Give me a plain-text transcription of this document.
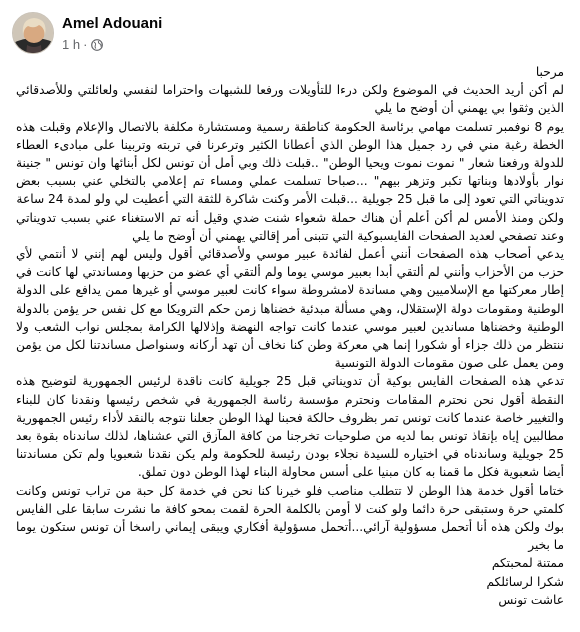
Amel Adouani
1 h ·

مرحبا

لم أكن أريد الحديث في الموضوع ولكن درءا للتأويلات ورفعا للشبهات واحتراما لنفسي ولعائلتي وللأصدقائي الذين وثقوا بي يهمني أن أوضح ما يلي

يوم 8 نوفمبر تسلمت مهامي برئاسة الحكومة كناطقة رسمية ومستشارة مكلفة بالاتصال والإعلام وقبلت هذه الخطة رغبة مني في رد جميل هذا الوطن الذي أعطانا الكثير وترعرنا في تربته وتربينا على مبادىء العطاء للدولة ورفعنا شعار " نموت نموت ويحيا الوطن" ..قبلت ذلك وبي أمل أن تونس لكل أبنائها وان تونس " جنينة نوار بأولادها وبناتها تكبر وتزهر بيهم" ...صباحا تسلمت عملي ومساء تم إعلامي بالتخلي عني بسبب بعض تدويناتي التي تعود إلى ما قبل 25 جويلية ...قبلت الأمر وكنت شاكرة للثقة التي أعطيت لي ولو لمدة 24 ساعة

ولكن ومنذ الأمس لم أكن أعلم أن هناك حملة شعواء شنت ضدي وقيل أنه تم الاستغناء عني بسبب تدويناتي وعند تصفحي لعديد الصفحات الفايسبوكية التي تتبنى أمر إقالتي يهمني أن أوضح ما يلي

يدعي أصحاب هذه الصفحات أنني أعمل لفائدة عبير موسي ولأصدقائي أقول وليس لهم إنني لا أنتمي لأي حزب من الأحزاب وأنني لم ألتقي أبدا بعبير موسي يوما ولم ألتقي أي عضو من حزبها ومساندتي لها كانت في إطار معركتها مع الإسلاميين وهي مساندة لامشروطة سواء كانت لعبير موسي أو غيرها ممن يدافع على الدولة الوطنية ومقومات دولة الإستقلال، وهي مسألة مبدئية خضناها زمن حكم الترويكا مع كل نفس حر يؤمن بالدولة الوطنية وخضناها مساندين لعبير موسي عندما كانت تواجه النهضة وإذلالها الكرامة بمجلس نواب الشعب ولا ننتظر من ذلك جزاء أو شكورا إنما هي معركة وطن كنا نخاف أن تهد أركانه وسنواصل مساندتنا لكل من يؤمن ومن يعمل على صون مقومات الدولة التونسية

تدعي هذه الصفحات الفايس بوكية أن تدويناتي قبل 25 جويلية كانت ناقدة لرئيس الجمهورية لتوضيح هذه النقطة أقول نحن نحترم المقامات ونحترم مؤسسة رئاسة الجمهورية في شخص رئيسها ونقدنا كان للبناء والتغيير خاصة عندما كانت تونس تمر بظروف حالكة فحبنا لهذا الوطن جعلنا نتوجه بالنقد لأداء رئيس الجمهورية مطالبين إياه بإنقاذ تونس بما لديه من صلوحيات تخرجنا من كافة المآزق التي عشناها، لذلك ساندناه بقوة بعد 25 جويلية وساندناه في اختياره للسيدة نجلاء بودن رئيسة للحكومة ولم يكن نقدنا شعبويا ولم تكن مساندتنا أيضا شعبوية فكل ما قمنا به كان مبنيا على أسس محاولة البناء لهذا الوطن دون تملق.

ختاما أقول خدمة هذا الوطن لا تتطلب مناصب فلو خيرنا كنا نحن في خدمة كل حبة من تراب تونس وكانت كلمتي حرة وستبقى حرة دائما ولو كنت لا أومن بالكلمة الحرة لقمت بمحو كافة ما نشرت سابقا على الفايس بوك ولكن هذه أنا أتحمل مسؤولية آرائي...أتحمل مسؤولية أفكاري ويبقى إيماني راسخا أن تونس ستكون يوما ما بخير

ممتنة لمحبتكم

شكرا لرسائلكم

عاشت تونس
